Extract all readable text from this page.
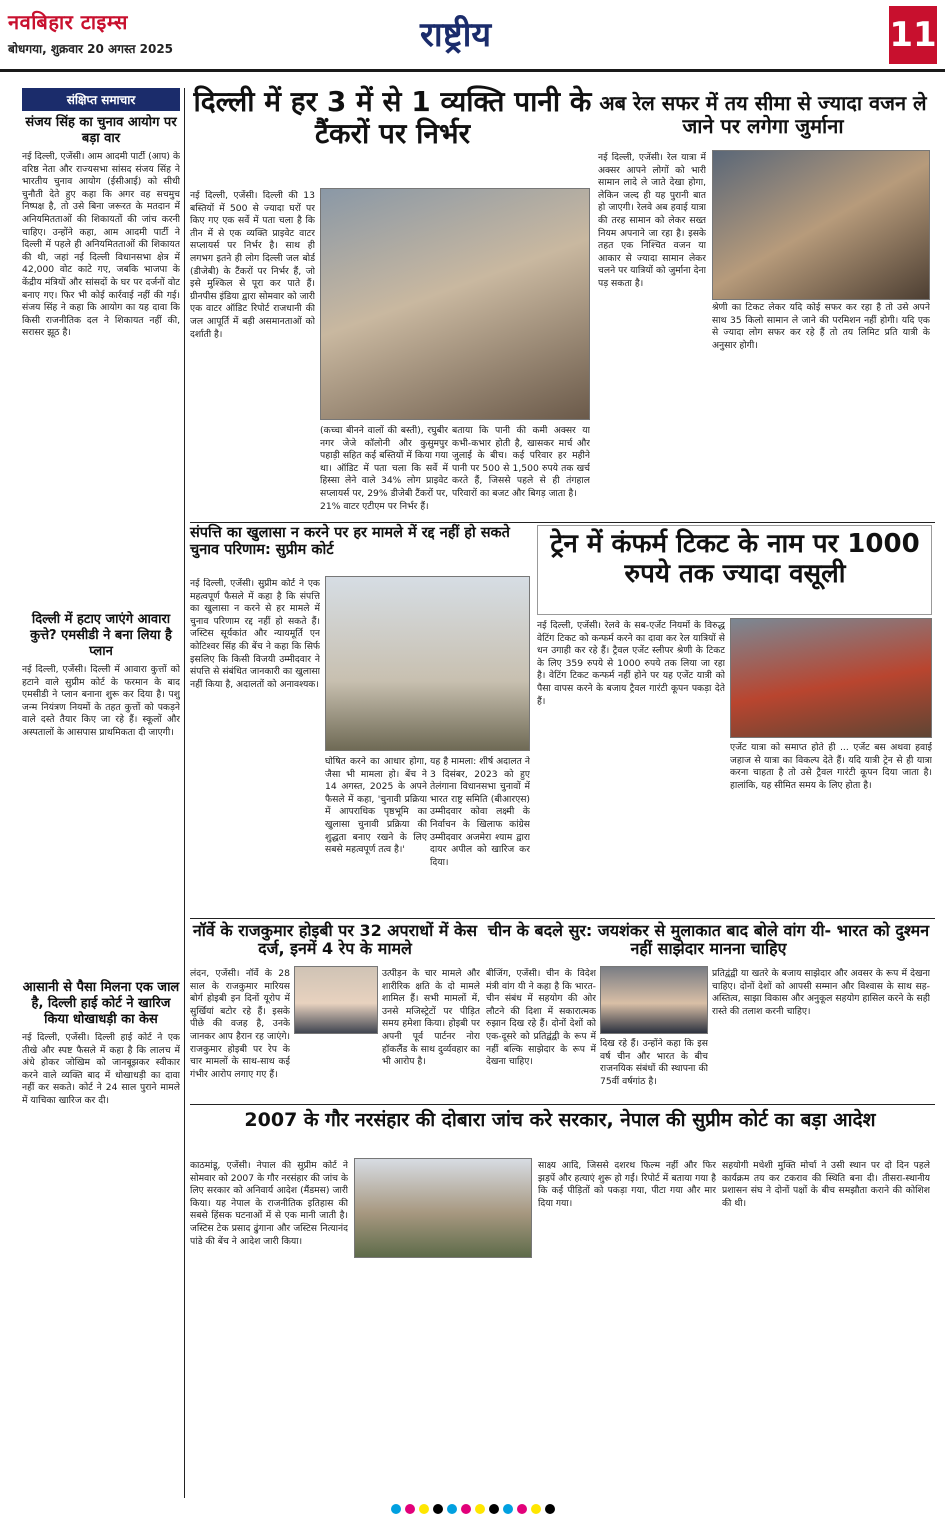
नवबिहार टाइम्स
बोधगया, शुक्रवार 20 अगस्त 2025	राष्ट्रीय	11
संक्षिप्त समाचार
संजय सिंह का चुनाव आयोग पर बड़ा वार
नई दिल्ली, एजेंसी। आम आदमी पार्टी (आप) के वरिष्ठ नेता और राज्यसभा सांसद संजय सिंह ने भारतीय चुनाव आयोग (ईसीआई) को सीधी चुनौती देते हुए कहा कि अगर वह सचमुच निष्पक्ष है, तो उसे बिना जरूरत के मतदान में अनियमितताओं की शिकायतों की जांच करनी चाहिए। उन्होंने कहा, आम आदमी पार्टी ने दिल्ली में पहले ही अनियमितताओं की शिकायत की थी, जहां नई दिल्ली विधानसभा क्षेत्र में 42,000 वोट काटे गए, जबकि भाजपा के केंद्रीय मंत्रियों और सांसदों के घर पर दर्जनों वोट बनाए गए। फिर भी कोई कार्रवाई नहीं की गई। संजय सिंह ने कहा कि आयोग का यह दावा कि किसी राजनीतिक दल ने शिकायत नहीं की, सरासर झूठ है।
दिल्ली में हटाए जाएंगे आवारा कुत्ते? एमसीडी ने बना लिया है प्लान
नई दिल्ली, एजेंसी। दिल्ली में आवारा कुत्तों को हटाने वाले सुप्रीम कोर्ट के फरमान के बाद एमसीडी ने प्लान बनाना शुरू कर दिया है। पशु जन्म नियंत्रण नियमों के तहत कुत्तों को पकड़ने वाले दस्ते तैयार किए जा रहे हैं। स्कूलों और अस्पतालों के आसपास प्राथमिकता दी जाएगी।
आसानी से पैसा मिलना एक जाल है, दिल्ली हाई कोर्ट ने खारिज किया धोखाधड़ी का केस
नई दिल्ली, एजेंसी। दिल्ली हाई कोर्ट ने एक तीखे और स्पष्ट फैसले में कहा है कि लालच में अंधे होकर जोखिम को जानबूझकर स्वीकार करने वाले व्यक्ति बाद में धोखाधड़ी का दावा नहीं कर सकते। कोर्ट ने 24 साल पुराने मामले में याचिका खारिज कर दी।
दिल्ली में हर 3 में से 1 व्यक्ति पानी के टैंकरों पर निर्भर
नई दिल्ली, एजेंसी। दिल्ली की 13 बस्तियों में 500 से ज्यादा घरों पर किए गए एक सर्वे में पता चला है कि तीन में से एक व्यक्ति प्राइवेट वाटर सप्लायर्स पर निर्भर है। साथ ही लगभग इतने ही लोग दिल्ली जल बोर्ड (डीजेबी) के टैंकरों पर निर्भर हैं, जो इसे मुश्किल से पूरा कर पाते हैं। ग्रीनपीस इंडिया द्वारा सोमवार को जारी एक वाटर ऑडिट रिपोर्ट राजधानी की जल आपूर्ति में बड़ी असमानताओं को दर्शाती है।
(कच्चा बीनने वालों की बस्ती), रघुबीर नगर जेजे कॉलोनी और कुसुमपुर पहाड़ी सहित कई बस्तियों में किया गया था। ऑडिट में पता चला कि सर्वे में हिस्सा लेने वाले 34% लोग प्राइवेट सप्लायर्स पर, 29% डीजेबी टैंकरों पर, 21% वाटर एटीएम पर निर्भर हैं।
बताया कि पानी की कमी अक्सर या कभी-कभार होती है, खासकर मार्च और जुलाई के बीच। कई परिवार हर महीने पानी पर 500 से 1,500 रुपये तक खर्च करते हैं, जिससे पहले से ही तंगहाल परिवारों का बजट और बिगड़ जाता है।
अब रेल सफर में तय सीमा से ज्यादा वजन ले जाने पर लगेगा जुर्माना
नई दिल्ली, एजेंसी। रेल यात्रा में अक्सर आपने लोगों को भारी सामान लादे ले जाते देखा होगा, लेकिन जल्द ही यह पुरानी बात हो जाएगी। रेलवे अब हवाई यात्रा की तरह सामान को लेकर सख्त नियम अपनाने जा रहा है। इसके तहत एक निश्चित वजन या आकार से ज्यादा सामान लेकर चलने पर यात्रियों को जुर्माना देना पड़ सकता है।
श्रेणी का टिकट लेकर यदि कोई सफर कर रहा है तो उसे अपने साथ 35 किलो सामान ले जाने की परमिशन नहीं होगी। यदि एक से ज्यादा लोग सफर कर रहे हैं तो तय लिमिट प्रति यात्री के अनुसार होगी।
संपत्ति का खुलासा न करने पर हर मामले में रद्द नहीं हो सकते चुनाव परिणाम: सुप्रीम कोर्ट
नई दिल्ली, एजेंसी। सुप्रीम कोर्ट ने एक महत्वपूर्ण फैसले में कहा है कि संपत्ति का खुलासा न करने से हर मामले में चुनाव परिणाम रद्द नहीं हो सकते हैं। जस्टिस सूर्यकांत और न्यायमूर्ति एन कोटिश्वर सिंह की बेंच ने कहा कि सिर्फ इसलिए कि किसी विजयी उम्मीदवार ने संपत्ति से संबंधित जानकारी का खुलासा नहीं किया है, अदालतों को अनावश्यक।
घोषित करने का आधार होगा, जैसा भी मामला हो। बेंच ने 14 अगस्त, 2025 के अपने फैसले में कहा, 'चुनावी प्रक्रिया में आपराधिक पृष्ठभूमि का खुलासा चुनावी प्रक्रिया की शुद्धता बनाए रखने के लिए सबसे महत्वपूर्ण तत्व है।'
यह है मामला: शीर्ष अदालत ने 3 दिसंबर, 2023 को हुए तेलंगाना विधानसभा चुनावों में भारत राष्ट्र समिति (बीआरएस) उम्मीदवार कोवा लक्ष्मी के निर्वाचन के खिलाफ कांग्रेस उम्मीदवार अजमेरा श्याम द्वारा दायर अपील को खारिज कर दिया।
ट्रेन में कंफर्म टिकट के नाम पर 1000 रुपये तक ज्यादा वसूली
नई दिल्ली, एजेंसी। रेलवे के सब-एजेंट नियमों के विरुद्ध वेटिंग टिकट को कन्फर्म करने का दावा कर रेल यात्रियों से धन उगाही कर रहे हैं। ट्रैवल एजेंट स्लीपर श्रेणी के टिकट के लिए 359 रुपये से 1000 रुपये तक लिया जा रहा है। वेटिंग टिकट कन्फर्म नहीं होने पर यह एजेंट यात्री को पैसा वापस करने के बजाय ट्रैवल गारंटी कूपन पकड़ा देते हैं।
एजेंट यात्रा को समाप्त होते ही ... एजेंट बस अथवा हवाई जहाज से यात्रा का विकल्प देते हैं। यदि यात्री ट्रेन से ही यात्रा करना चाहता है तो उसे ट्रैवल गारंटी कूपन दिया जाता है। हालांकि, यह सीमित समय के लिए होता है।
नॉर्वे के राजकुमार होइबी पर 32 अपराधों में केस दर्ज, इनमें 4 रेप के मामले
लंदन, एजेंसी। नॉर्वे के 28 साल के राजकुमार मारियस बोर्ग होइबी इन दिनों यूरोप में सुर्खियां बटोर रहे हैं। इसके पीछे की वजह है, उनके जानकर आप हैरान रह जाएंगे। राजकुमार होइबी पर रेप के चार मामलों के साथ-साथ कई गंभीर आरोप लगाए गए हैं।
उत्पीड़न के चार मामले और शारीरिक क्षति के दो मामले शामिल हैं। सभी मामलों में, उनसे मजिस्ट्रेटों पर पीड़ित समय हमेशा किया। होइबी पर अपनी पूर्व पार्टनर नोरा हॉकलैंड के साथ दुर्व्यवहार का भी आरोप है।
चीन के बदले सुर: जयशंकर से मुलाकात बाद बोले वांग यी- भारत को दुश्मन नहीं साझेदार मानना चाहिए
बीजिंग, एजेंसी। चीन के विदेश मंत्री वांग यी ने कहा है कि भारत-चीन संबंध में सहयोग की ओर लौटने की दिशा में सकारात्मक रुझान दिख रहे हैं। दोनों देशों को एक-दूसरे को प्रतिद्वंद्वी के रूप में नहीं बल्कि साझेदार के रूप में देखना चाहिए।
दिख रहे हैं। उन्होंने कहा कि इस वर्ष चीन और भारत के बीच राजनयिक संबंधों की स्थापना की 75वीं वर्षगांठ है।
प्रतिद्वंद्वी या खतरे के बजाय साझेदार और अवसर के रूप में देखना चाहिए। दोनों देशों को आपसी सम्मान और विश्वास के साथ सह-अस्तित्व, साझा विकास और अनुकूल सहयोग हासिल करने के सही रास्ते की तलाश करनी चाहिए।
2007 के गौर नरसंहार की दोबारा जांच करे सरकार, नेपाल की सुप्रीम कोर्ट का बड़ा आदेश
काठमांडू, एजेंसी। नेपाल की सुप्रीम कोर्ट ने सोमवार को 2007 के गौर नरसंहार की जांच के लिए सरकार को अनिवार्य आदेश (मैंडमस) जारी किया। यह नेपाल के राजनीतिक इतिहास की सबसे हिंसक घटनाओं में से एक मानी जाती है। जस्टिस टेक प्रसाद ढुंगाना और जस्टिस नित्यानंद पांडे की बेंच ने आदेश जारी किया।
साक्ष्य आदि, जिससे दशरथ फिल्म नहीं और फिर झड़पें और हत्याएं शुरू हो गईं। रिपोर्ट में बताया गया है कि कई पीड़ितों को पकड़ा गया, पीटा गया और मार दिया गया।
सहयोगी मधेशी मुक्ति मोर्चा ने उसी स्थान पर दो दिन पहले कार्यक्रम तय कर टकराव की स्थिति बना दी। तीसरा-स्थानीय प्रशासन संघ ने दोनों पक्षों के बीच समझौता कराने की कोशिश की थी।
